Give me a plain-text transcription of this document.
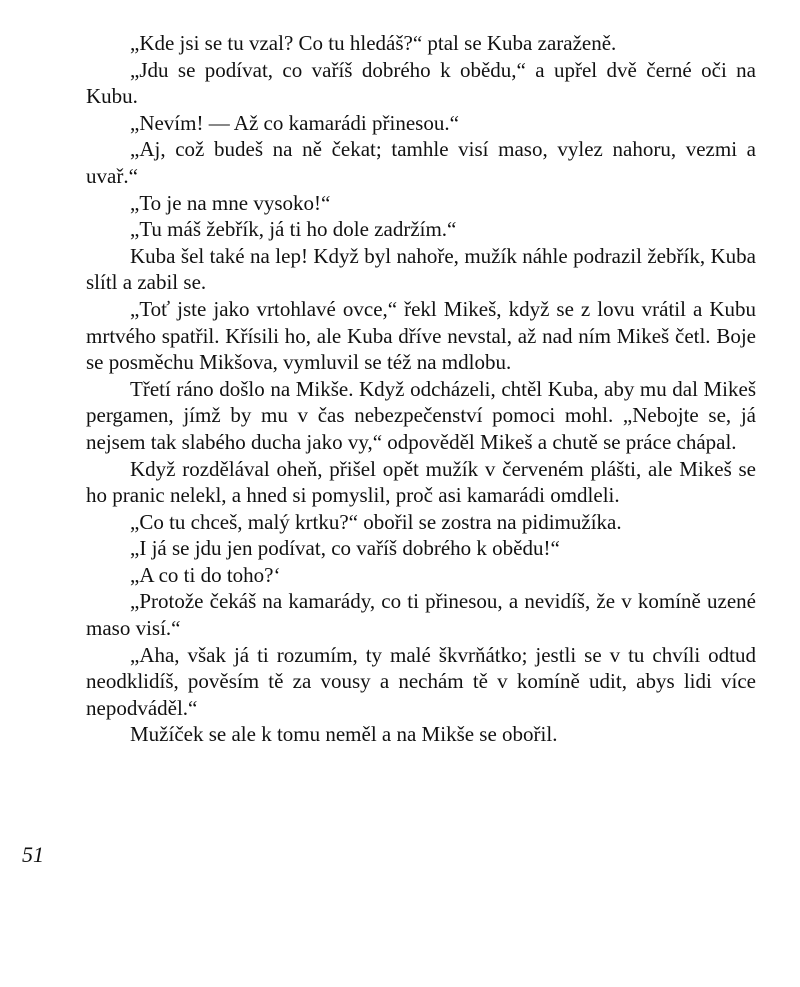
„Kde jsi se tu vzal? Co tu hledáš?“ ptal se Kuba zaraženě.

„Jdu se podívat, co vaříš dobrého k obědu,“ a upřel dvě černé oči na Kubu.

„Nevím! — Až co kamarádi přinesou.“

„Aj, což budeš na ně čekat; tamhle visí maso, vylez nahoru, vezmi a uvař.“

„To je na mne vysoko!“

„Tu máš žebřík, já ti ho dole zadržím.“

Kuba šel také na lep! Když byl nahoře, mužík náhle podrazil žebřík, Kuba slítl a zabil se.

„Toť jste jako vrtohlavé ovce,“ řekl Mikeš, když se z lovu vrátil a Kubu mrtvého spatřil. Křísili ho, ale Kuba dříve nevstal, až nad ním Mikeš četl. Boje se posměchu Mikšova, vymluvil se též na mdlobu.

Třetí ráno došlo na Mikše. Když odcházeli, chtěl Kuba, aby mu dal Mikeš pergamen, jímž by mu v čas nebezpečenství pomoci mohl. „Nebojte se, já nejsem tak slabého ducha jako vy,“ odpověděl Mikeš a chutě se práce chápal.

Když rozdělával oheň, přišel opět mužík v červeném plášti, ale Mikeš se ho pranic nelekl, a hned si pomyslil, proč asi kamarádi omdleli.

„Co tu chceš, malý krtku?“ obořil se zostra na pidimužíka.

„I já se jdu jen podívat, co vaříš dobrého k obědu!“

„A co ti do toho?‘

„Protože čekáš na kamarády, co ti přinesou, a nevidíš, že v komíně uzené maso visí.“

„Aha, však já ti rozumím, ty malé škvrňátko; jestli se v tu chvíli odtud neodklidíš, pověsím tě za vousy a nechám tě v komíně udit, abys lidi více nepodváděl.“

Mužíček se ale k tomu neměl a na Mikše se obořil.

51
